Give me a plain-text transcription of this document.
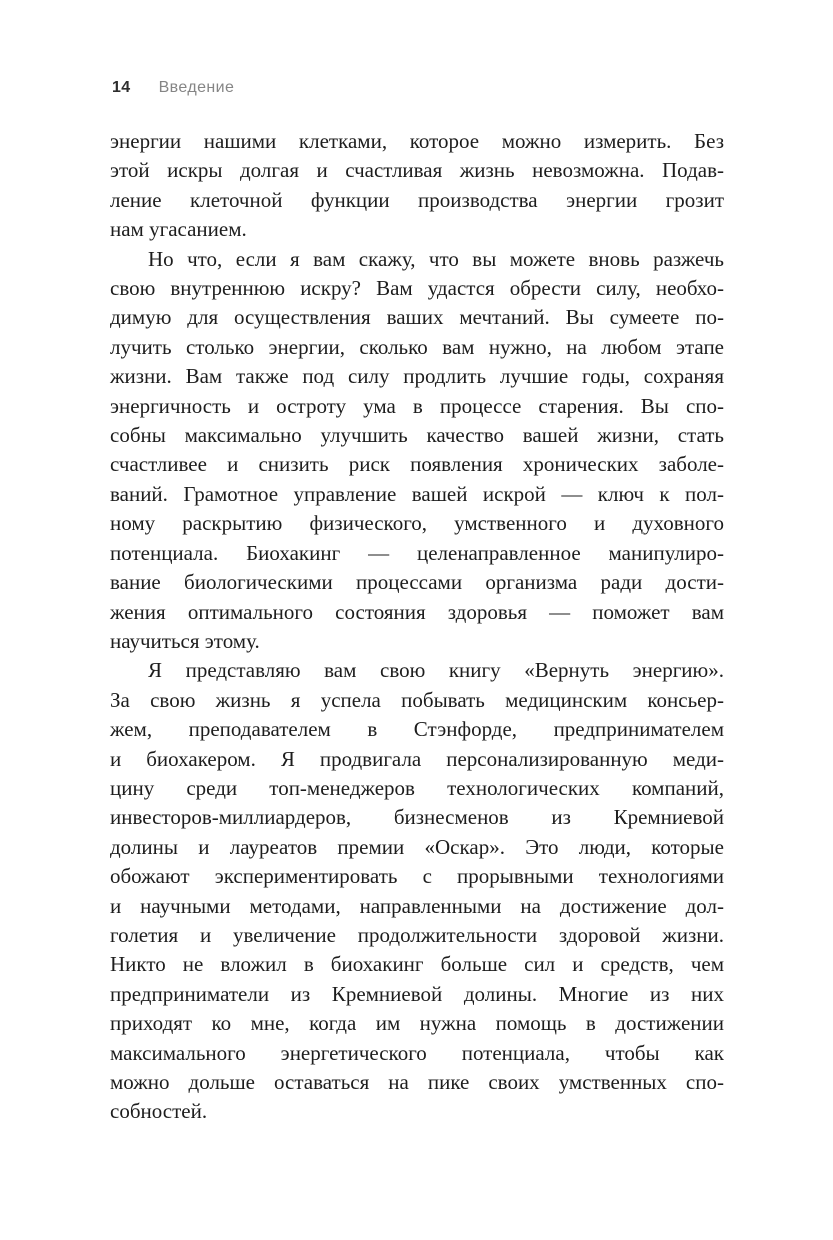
14 Введение
энергии нашими клетками, которое можно измерить. Без
этой искры долгая и счастливая жизнь невозможна. Подав-
ление клеточной функции производства энергии грозит
нам угасанием.
Но что, если я вам скажу, что вы можете вновь разжечь
свою внутреннюю искру? Вам удастся обрести силу, необхо-
димую для осуществления ваших мечтаний. Вы сумеете по-
лучить столько энергии, сколько вам нужно, на любом этапе
жизни. Вам также под силу продлить лучшие годы, сохраняя
энергичность и остроту ума в процессе старения. Вы спо-
собны максимально улучшить качество вашей жизни, стать
счастливее и снизить риск появления хронических заболе-
ваний. Грамотное управление вашей искрой — ключ к пол-
ному раскрытию физического, умственного и духовного
потенциала. Биохакинг — целенаправленное манипулиро-
вание биологическими процессами организма ради дости-
жения оптимального состояния здоровья — поможет вам
научиться этому.
Я представляю вам свою книгу «Вернуть энергию».
За свою жизнь я успела побывать медицинским консьер-
жем, преподавателем в Стэнфорде, предпринимателем
и биохакером. Я продвигала персонализированную меди-
цину среди топ-менеджеров технологических компаний,
инвесторов-миллиардеров, бизнесменов из Кремниевой
долины и лауреатов премии «Оскар». Это люди, которые
обожают экспериментировать с прорывными технологиями
и научными методами, направленными на достижение дол-
голетия и увеличение продолжительности здоровой жизни.
Никто не вложил в биохакинг больше сил и средств, чем
предприниматели из Кремниевой долины. Многие из них
приходят ко мне, когда им нужна помощь в достижении
максимального энергетического потенциала, чтобы как
можно дольше оставаться на пике своих умственных спо-
собностей.
